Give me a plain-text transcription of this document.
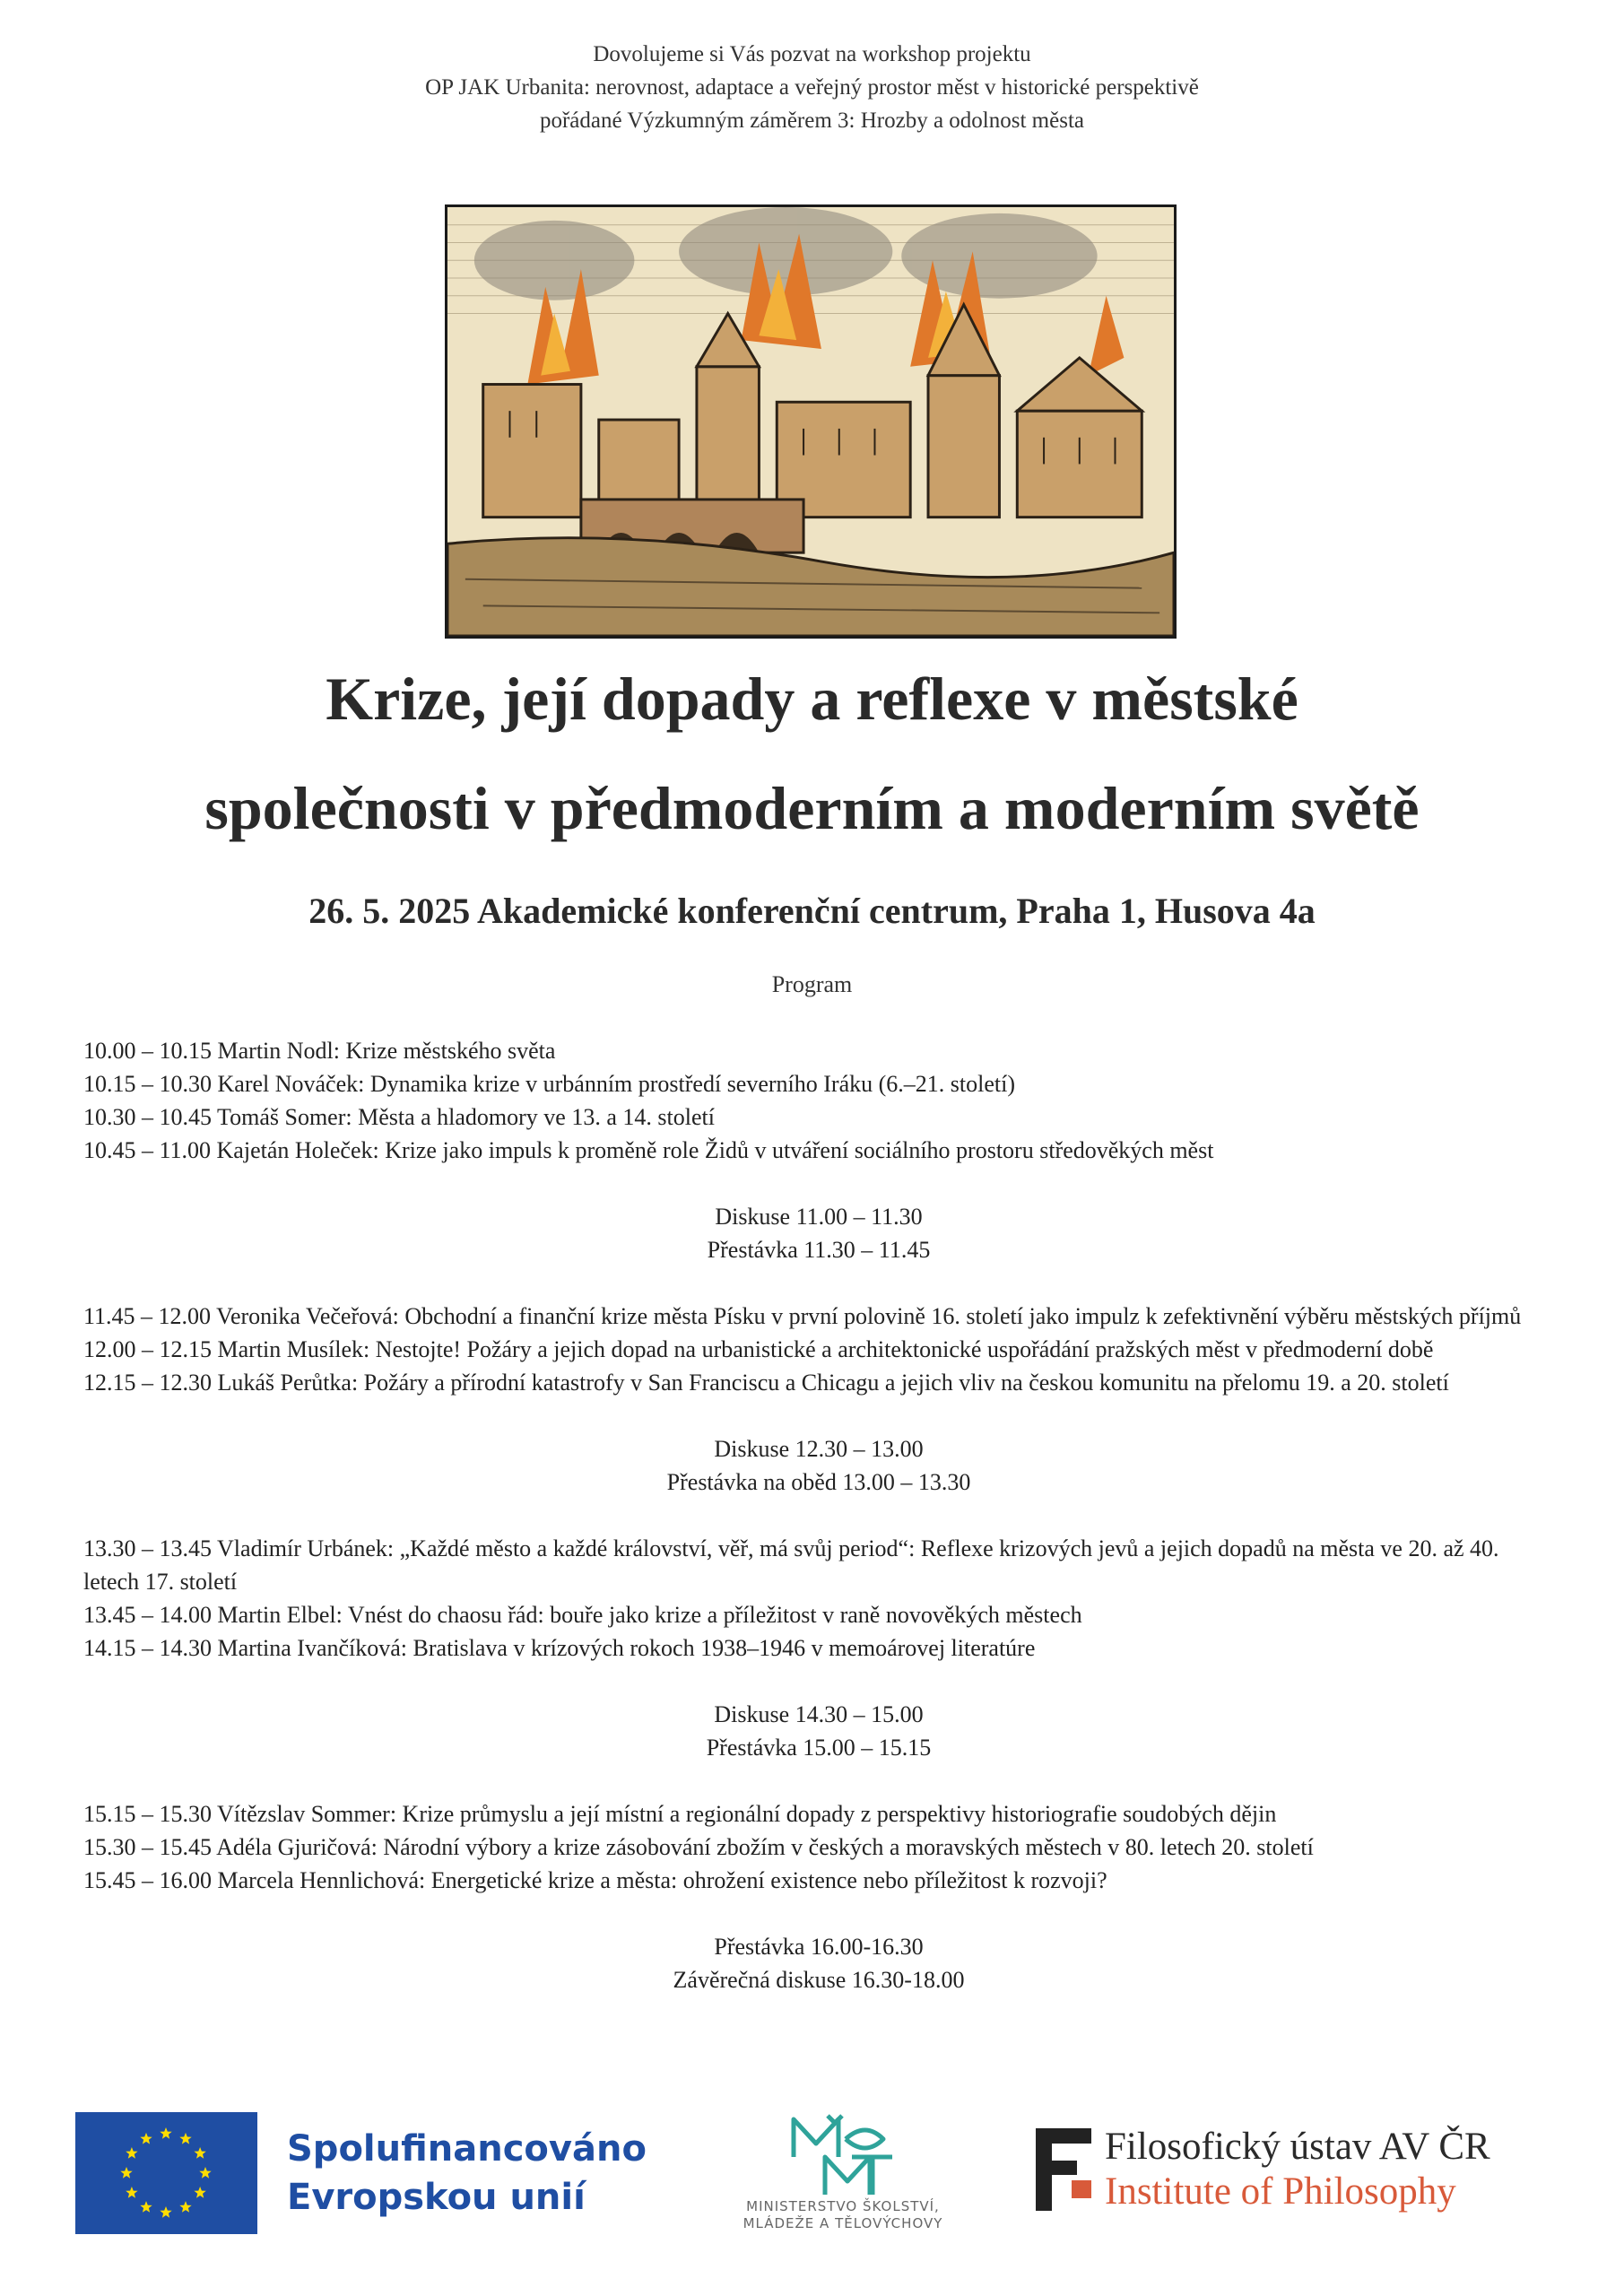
Dovolujeme si Vás pozvat na workshop projektu
OP JAK Urbanita: nerovnost, adaptace a veřejný prostor měst v historické perspektivě
pořádané Výzkumným záměrem 3: Hrozby a odolnost města
Krize, její dopady a reflexe v městské
společnosti v předmoderním a moderním světě
26. 5. 2025 Akademické konferenční centrum, Praha 1, Husova 4a
Program

10.00 – 10.15 Martin Nodl: Krize městského světa

10.15 – 10.30 Karel Nováček: Dynamika krize v urbánním prostředí severního Iráku (6.–21. století)

10.30 – 10.45 Tomáš Somer: Města a hladomory ve 13. a 14. století

10.45 – 11.00 Kajetán Holeček: Krize jako impuls k proměně role Židů v utváření sociálního prostoru středověkých měst

Diskuse 11.00 – 11.30

Přestávka 11.30 – 11.45

11.45 – 12.00 Veronika Večeřová: Obchodní a finanční krize města Písku v první polovině 16. století jako impulz k zefektivnění výběru městských příjmů

12.00 – 12.15 Martin Musílek: Nestojte! Požáry a jejich dopad na urbanistické a architektonické uspořádání pražských měst v předmoderní době

12.15 – 12.30 Lukáš Perůtka: Požáry a přírodní katastrofy v San Franciscu a Chicagu a jejich vliv na českou komunitu na přelomu 19. a 20. století

Diskuse 12.30 – 13.00

Přestávka na oběd 13.00 – 13.30

13.30 – 13.45 Vladimír Urbánek: „Každé město a každé království, věř, má svůj period“: Reflexe krizových jevů a jejich dopadů na města ve 20. až 40. letech 17. století

13.45 – 14.00 Martin Elbel: Vnést do chaosu řád: bouře jako krize a příležitost v raně novověkých městech

14.15 – 14.30 Martina Ivančíková: Bratislava v krízových rokoch 1938–1946 v memoárovej literatúre

Diskuse 14.30 – 15.00

Přestávka 15.00 – 15.15

15.15 – 15.30 Vítězslav Sommer: Krize průmyslu a její místní a regionální dopady z perspektivy historiografie soudobých dějin

15.30 – 15.45 Adéla Gjuričová: Národní výbory a krize zásobování zbožím v českých a moravských městech v 80. letech 20. století

15.45 – 16.00 Marcela Hennlichová: Energetické krize a města: ohrožení existence nebo příležitost k rozvoji?

Přestávka 16.00-16.30

Závěrečná diskuse 16.30-18.00

Spolufinancováno
Evropskou unií	MINISTERSTVO ŠKOLSTVÍ,
MLÁDEŽE A TĚLOVÝCHOVY
Filosofický ústav AV ČR
Institute of Philosophy
